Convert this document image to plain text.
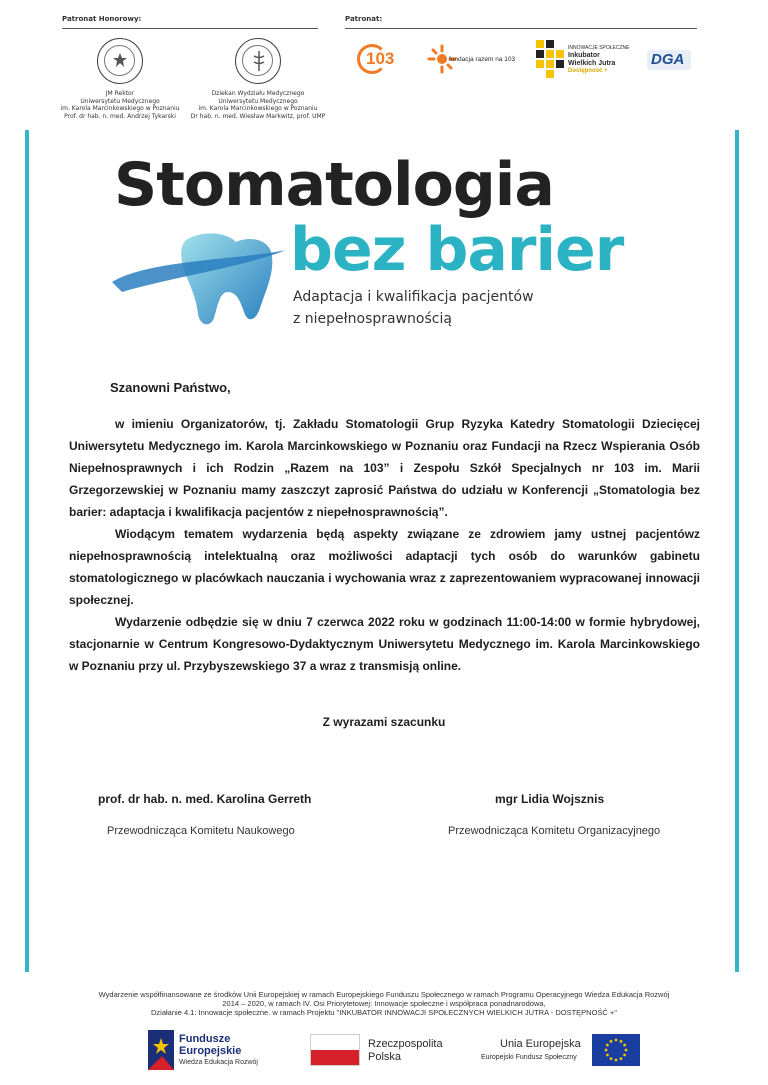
Patronat Honorowy:	Patronat:
JM Rektor
Uniwersytetu Medycznego
im. Karola Marcinkowskiego w Poznaniu
Prof. dr hab. n. med. Andrzej Tykarski
Dziekan Wydziału Medycznego
Uniwersytetu Medycznego
im. Karola Marcinkowskiego w Poznaniu
Dr hab. n. med. Wiesław Markwitz, prof. UMP
103	fundacja razem na 103
INNOWACJE SPOŁECZNE
Inkubator
Wielkich Jutra
Dostępność +
DGA
Stomatologia
bez barier
Adaptacja i kwalifikacja pacjentów
z niepełnosprawnością
Szanowni Państwo,

w imieniu Organizatorów, tj. Zakładu Stomatologii Grup Ryzyka Katedry Stomatologii Dziecięcej Uniwersytetu Medycznego im. Karola Marcinkowskiego w Poznaniu oraz Fundacji na Rzecz Wspierania Osób Niepełnosprawnych i ich Rodzin „Razem na 103” i Zespołu Szkół Specjalnych nr 103 im. Marii Grzegorzewskiej w Poznaniu mamy zaszczyt zaprosić Państwa do udziału w Konferencji „Stomatologia bez barier: adaptacja i kwalifikacja pacjentów z niepełnosprawnością”.

Wiodącym tematem wydarzenia będą aspekty związane ze zdrowiem jamy ustnej pacjentówz niepełnosprawnością intelektualną oraz możliwości adaptacji tych osób do warunków gabinetu stomatologicznego w placówkach nauczania i wychowania wraz z zaprezentowaniem wypracowanej innowacji społecznej.

Wydarzenie odbędzie się w dniu 7 czerwca 2022 roku w godzinach 11:00-14:00 w formie hybrydowej, stacjonarnie w Centrum Kongresowo-Dydaktycznym Uniwersytetu Medycznego im. Karola Marcinkowskiego w Poznaniu przy ul. Przybyszewskiego 37 a wraz z transmisją online.

Z wyrazami szacunku
prof. dr hab. n. med. Karolina Gerreth
Przewodnicząca Komitetu Naukowego
mgr Lidia Wojsznis
Przewodnicząca Komitetu Organizacyjnego
Wydarzenie współfinansowane ze środków Unii Europejskiej w ramach Europejskiego Funduszu Społecznego w ramach Programu Operacyjnego Wiedza Edukacja Rozwój
2014 – 2020, w ramach IV. Osi Priorytetowej: Innowacje społeczne i współpraca ponadnarodowa,
Działanie 4.1: Innowacje społeczne. w ramach Projektu "INKUBATOR INNOWACJI SPOŁECZNYCH WIELKICH JUTRA - DOSTĘPNOŚĆ +"
Fundusze
Europejskie
Wiedza Edukacja Rozwój
Rzeczpospolita
Polska
Unia Europejska
Europejski Fundusz Społeczny
